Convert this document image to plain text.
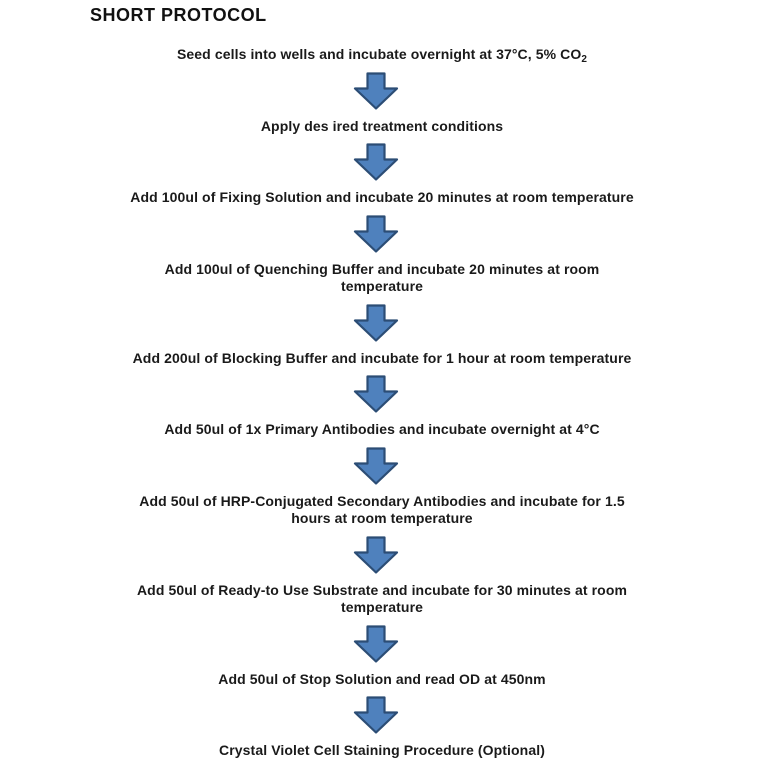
SHORT PROTOCOL
Seed cells into wells and incubate overnight at 37°C, 5% $CO_2$
Apply des ired treatment conditions
Add 100ul of Fixing Solution and incubate 20 minutes at room temperature
Add 100ul of Quenching Buffer and incubate 20 minutes at room
temperature
Add 200ul of Blocking Buffer and incubate for 1 hour at room temperature
Add 50ul of 1x Primary Antibodies and incubate overnight at 4°C
Add 50ul of HRP-Conjugated Secondary Antibodies and incubate for 1.5
hours at room temperature
Add 50ul of Ready-to Use Substrate and incubate for 30 minutes at room
temperature
Add 50ul of Stop Solution and read OD at 450nm
Crystal Violet Cell Staining Procedure (Optional)
